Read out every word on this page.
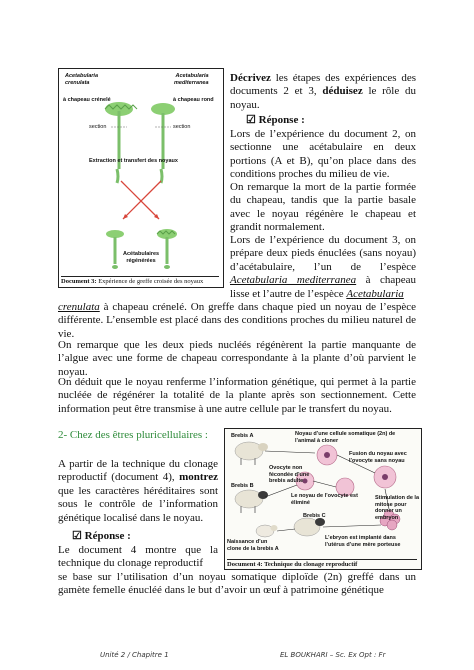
Acetabularia
crenulata
à chapeau crénelé
Acetabularia
mediterranea
à chapeau rond
section	section
Extraction et transfert des noyaux
Acétabulaires
régénérées
Document 3: Expérience de greffe croisée des noyaux
Décrivez les étapes des expériences des documents 2 et 3, déduisez le rôle du noyau.
☑ Réponse :
Lors de l’expérience du document 2, on sectionne une acétabulaire en deux portions (A et B), qu’on place dans des conditions proches du milieu de vie.
On remarque la mort de la partie formée du chapeau, tandis que la partie basale avec le noyau régénère le chapeau et grandit normalement.
Lors de l’expérience du document 3, on prépare deux pieds énuclées (sans noyau) d’acétabulaire, l’un de l’espèce Acetabularia mediterranea à chapeau lisse et l’autre de l’espèce Acetabularia
crenulata à chapeau crénelé. On greffe dans chaque pied un noyau de l’espèce différente. L’ensemble est placé dans des conditions proches du milieu naturel de vie.
On remarque que les deux pieds nucléés régénèrent la partie manquante de l’algue avec une forme de chapeau correspondante à la plante d’où parvient le noyau.
On déduit que le noyau renferme l’information génétique, qui permet à la partie nucléée de régénérer la totalité de la plante après son sectionnement. Cette information peut être transmise à une autre cellule par le transfert du noyau.
2- Chez des êtres pluricellulaires :
A partir de la technique du clonage reproductif (document 4), montrez que les caractères héréditaires sont sous le contrôle de l’information génétique localisé dans le noyau.
☑ Réponse :
Le document 4 montre que la technique du clonage reproductif
se base sur l’utilisation d’un noyau somatique diploïde (2n) greffé dans un gamète femelle énucléé dans le but d’avoir un œuf à patrimoine génétique
Noyau d’une cellule somatique (2n) de l’animal à cloner
Brebis A
Fusion du noyau avec l’ovocyte sans noyau
Ovocyte non fécondée d’une brebis adulte
Brebis B
Le noyau de l’ovocyte est éliminé
Stimulation de la mitose pour donner un embryon
Naissance d’un clone de la brebis A
L’ebryon est implanté dans l’utérus d’une mère porteuse
Brebis C
Document 4: Technique du clonage reproductif
Unité 2 / Chapitre 1	EL BOUKHARI – Sc. Ex Opt : Fr
